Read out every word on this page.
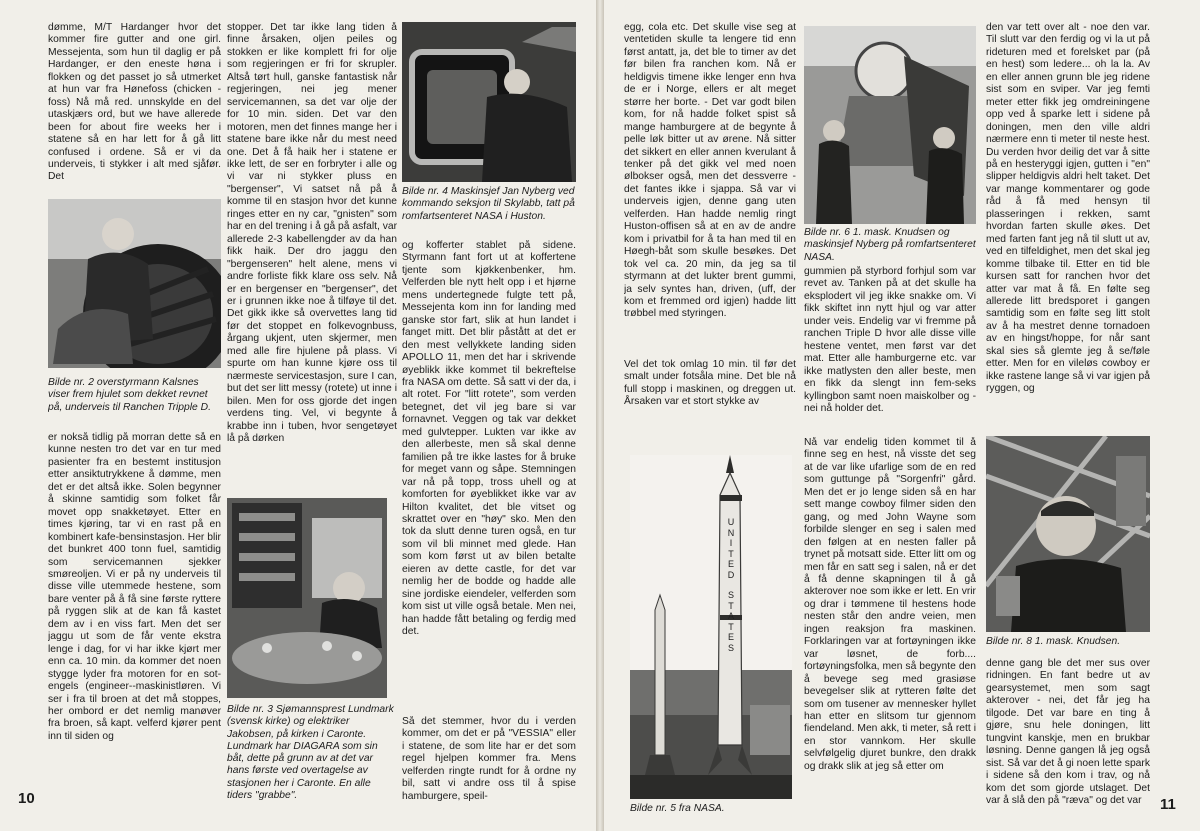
dømme, M/T Hardanger hvor det kommer fire gutter and one girl. Messejenta, som hun til daglig er på Hardanger, er den eneste høna i flokken og det passet jo så utmerket at hun var fra Hønefoss (chicken -foss) Nå må red. unnskylde en del utaskjærs ord, but we have allerede been for about fire weeks her i statene så en har lett for å gå litt confused i ordene. Så er vi da underveis, ti stykker i alt med sjåfør. Det

Bilde nr. 2 overstyrmann Kalsnes viser frem hjulet som dekket revnet på, underveis til Ranchen Tripple D.

er nokså tidlig på morran dette så en kunne nesten tro det var en tur med pasienter fra en bestemt institusjon etter ansiktutrykkene å dømme, men det er det altså ikke. Solen begynner å skinne samtidig som folket får movet opp snakketøyet. Etter en times kjøring, tar vi en rast på en kombinert kafe-bensinstasjon. Her blir det bunkret 400 tonn fuel, samtidig som servicemannen sjekker smøreoljen. Vi er på ny underveis til disse ville utemmede hestene, som bare venter på å få sine første ryttere på ryggen slik at de kan få kastet dem av i en viss fart. Men det ser jaggu ut som de får vente ekstra lenge i dag, for vi har ikke kjørt mer enn ca. 10 min. da kommer det noen stygge lyder fra motoren for en sot-engels (engineer--maskinistløren. Vi ser i fra til broen at det må stoppes, her ombord er det nemlig manøver fra broen, så kapt. velferd kjører pent inn til siden og

10

stopper. Det tar ikke lang tiden å finne årsaken, oljen peiles og stokken er like komplett fri for olje som regjeringen er fri for skrupler. Altså tørt hull, ganske fantastisk når regjeringen, nei jeg mener servicemannen, sa det var olje der for 10 min. siden. Det var den motoren, men det finnes mange her i statene bare ikke når du mest need one. Det å få haik her i statene er ikke lett, de ser en forbryter i alle og vi var ni stykker pluss en "bergenser", Vi satset nå på å komme til en stasjon hvor det kunne ringes etter en ny car, "gnisten" som har en del trening i å gå på asfalt, var allerede 2-3 kabellengder av da han fikk haik. Der dro jaggu den "bergenseren" helt alene, mens vi andre forliste fikk klare oss selv. Nå er en bergenser en "bergenser", det er i grunnen ikke noe å tilføye til det. Det gikk ikke så overvettes lang tid før det stoppet en folkevognbuss, årgang ukjent, uten skjermer, men med alle fire hjulene på plass. Vi spurte om han kunne kjøre oss til nærmeste servicestasjon, sure I can, but det ser litt messy (rotete) ut inne i bilen. Men for oss gjorde det ingen verdens ting. Vel, vi begynte å krabbe inn i tuben, hvor sengetøyet lå på dørken

Bilde nr. 3 Sjømannsprest Lundmark (svensk kirke) og elektriker Jakobsen, på kirken i Caronte. Lundmark har DIAGARA som sin båt, dette på grunn av at det var hans første ved overtagelse av stasjonen her i Caronte. En alle tiders "grabbe".
Bilde nr. 4 Maskinsjef Jan Nyberg ved kommando seksjon til Skylabb, tatt på romfartsenteret NASA i Huston.

og kofferter stablet på sidene. Styrmann fant fort ut at koffertene tjente som kjøkkenbenker, hm. Velferden ble nytt helt opp i et hjørne mens undertegnede fulgte tett på, Messejenta kom inn for landing med ganske stor fart, slik at hun landet i fanget mitt. Det blir påstått at det er den mest vellykkete landing siden APOLLO 11, men det har i skrivende øyeblikk ikke kommet til bekreftelse fra NASA om dette. Så satt vi der da, i alt rotet. For "litt rotete", som verden betegnet, det vil jeg bare si var fornavnet. Veggen og tak var dekket med gulvtepper. Lukten var ikke av den allerbeste, men så skal denne familien på tre ikke lastes for å bruke for meget vann og såpe. Stemningen var nå på topp, tross uhell og at komforten for øyeblikket ikke var av Hilton kvalitet, det ble vitset og skrattet over en "høy" sko. Men den tok da slutt denne turen også, en tur som vil bli minnet med glede. Han som kom først ut av bilen betalte eieren av dette castle, for det var nemlig her de bodde og hadde alle sine jordiske eiendeler, velferden som kom sist ut ville også betale. Men nei, han hadde fått betaling og ferdig med det.

Så det stemmer, hvor du i verden kommer, om det er på "VESSIA" eller i statene, de som lite har er det som regel hjelpen kommer fra. Mens velferden ringte rundt for å ordne ny bil, satt vi andre oss til å spise hamburgere, speil-

egg, cola etc. Det skulle vise seg at ventetiden skulle ta lengere tid enn først antatt, ja, det ble to timer av det før bilen fra ranchen kom. Nå er heldigvis timene ikke lenger enn hva de er i Norge, ellers er alt meget større her borte. - Det var godt bilen kom, for nå hadde folket spist så mange hamburgere at de begynte å pelle løk bitter ut av ørene. Nå sitter det sikkert en eller annen kverulant å tenker på det gikk vel med noen ølbokser også, men det dessverre - det fantes ikke i sjappa. Så var vi underveis igjen, denne gang uten velferden. Han hadde nemlig ringt Huston-offisen så at en av de andre kom i privatbil for å ta han med til en Høegh-båt som skulle besøkes. Det tok vel ca. 20 min, da jeg sa til styrmann at det lukter brent gummi, ja selv syntes han, driven, (uff, der kom et fremmed ord igjen) hadde litt trøbbel med styringen.

Vel det tok omlag 10 min. til før det smalt under fotsåla mine. Det ble nå full stopp i maskinen, og dreggen ut. Årsaken var et stort stykke av

U
N
I
T
E
D
S
T
A
T
E
S
Bilde nr. 5 fra NASA.
Bilde nr. 6 1. mask. Knudsen og maskinsjef Nyberg på romfartsenteret NASA.

gummien på styrbord forhjul som var revet av. Tanken på at det skulle ha eksplodert vil jeg ikke snakke om. Vi fikk skiftet inn nytt hjul og var atter under veis. Endelig var vi fremme på ranchen Triple D hvor alle disse ville hestene ventet, men først var det mat. Etter alle hamburgerne etc. var ikke matlysten den aller beste, men en fikk da slengt inn fem-seks kyllingbon samt noen maiskolber og - nei nå holder det.

Nå var endelig tiden kommet til å finne seg en hest, nå visste det seg at de var like ufarlige som de en red som guttunge på "Sorgenfri" gård. Men det er jo lenge siden så en har sett mange cowboy filmer siden den gang, og med John Wayne som forbilde slenger en seg i salen med den følgen at en nesten faller på trynet på motsatt side. Etter litt om og men får en satt seg i salen, nå er det å få denne skapningen til å gå akterover noe som ikke er lett. En vrir og drar i tømmene til hestens hode nesten står den andre veien, men ingen reaksjon fra maskinen. Forklaringen var at fortøyningen ikke var løsnet, de forb.... fortøyningsfolka, men så begynte den å bevege seg med grasiøse bevegelser slik at rytteren følte det som om tusener av mennesker hyllet han etter en slitsom tur gjennom fiendeland. Men akk, ti meter, så rett i en stor vannkom. Her skulle selvfølgelig djuret bunkre, den drakk og drakk slik at jeg så etter om

den var tett over alt - noe den var. Til slutt var den ferdig og vi la ut på rideturen med et forelsket par (på en hest) som ledere... oh la la. Av en eller annen grunn ble jeg ridene sist som en sviper. Var jeg femti meter etter fikk jeg omdreiningene opp ved å sparke lett i sidene på doningen, men den ville aldri nærmere enn ti meter til neste hest. Du verden hvor deilig det var å sitte på en hesteryggi igjen, gutten i "en" slipper heldigvis aldri helt taket. Det var mange kommentarer og gode råd å få med hensyn til plasseringen i rekken, samt hvordan farten skulle økes. Det med farten fant jeg nå til slutt ut av, ved en tilfeldighet, men det skal jeg komme tilbake til. Etter en tid ble kursen satt for ranchen hvor det atter var mat å få. En følte seg allerede litt bredsporet i gangen samtidig som en følte seg litt stolt av å ha mestret denne tornadoen av en hingst/hoppe, for når sant skal sies så glemte jeg å se/føle etter. Men for en vileløs cowboy er ikke rastene lange så vi var igjen på ryggen, og

Bilde nr. 8 1. mask. Knudsen.

denne gang ble det mer sus over ridningen. En fant bedre ut av gearsystemet, men som sagt akterover - nei, det får jeg ha tilgode. Det var bare en ting å gjøre, snu hele doningen, litt tungvint kanskje, men en brukbar løsning. Denne gangen lå jeg også sist. Så var det å gi noen lette spark i sidene så den kom i trav, og nå kom det som gjorde utslaget. Det var å slå den på "ræva" og det var	11
